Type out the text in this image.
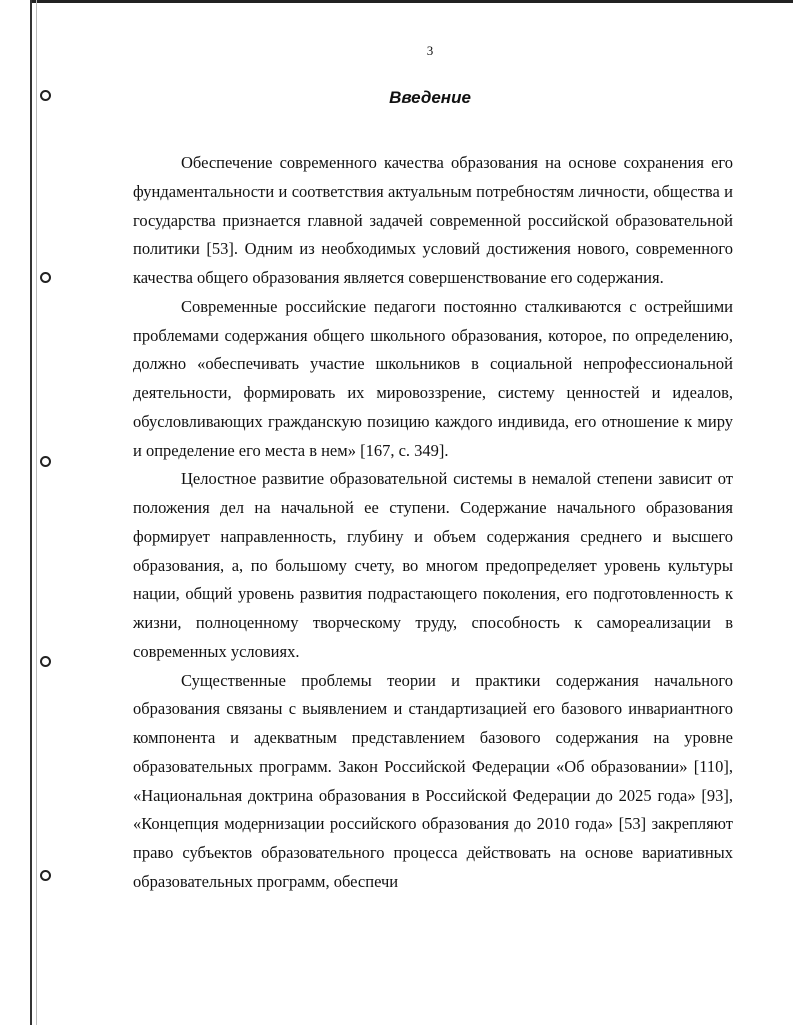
3
Введение

Обеспечение современного качества образования на основе сохранения его фундаментальности и соответствия актуальным потребностям личности, общества и государства признается главной задачей современной российской образовательной политики [53]. Одним из необходимых условий достижения нового, современного качества общего образования является совершенствование его содержания.

Современные российские педагоги постоянно сталкиваются с острейшими проблемами содержания общего школьного образования, которое, по определению, должно «обеспечивать участие школьников в социальной непрофессиональной деятельности, формировать их мировоззрение, систему ценностей и идеалов, обусловливающих гражданскую позицию каждого индивида, его отношение к миру и определение его места в нем» [167, с. 349].

Целостное развитие образовательной системы в немалой степени зависит от положения дел на начальной ее ступени. Содержание начального образования формирует направленность, глубину и объем содержания среднего и высшего образования, а, по большому счету, во многом предопределяет уровень культуры нации, общий уровень развития подрастающего поколения, его подготовленность к жизни, полноценному творческому труду, способность к самореализации в современных условиях.

Существенные проблемы теории и практики содержания начального образования связаны с выявлением и стандартизацией его базового инвариантного компонента и адекватным представлением базового содержания на уровне образовательных программ. Закон Российской Федерации «Об образовании» [110], «Национальная доктрина образования в Российской Федерации до 2025 года» [93], «Концепция модернизации российского образования до 2010 года» [53] закрепляют право субъектов образовательного процесса действовать на основе вариативных образовательных программ, обеспечи
